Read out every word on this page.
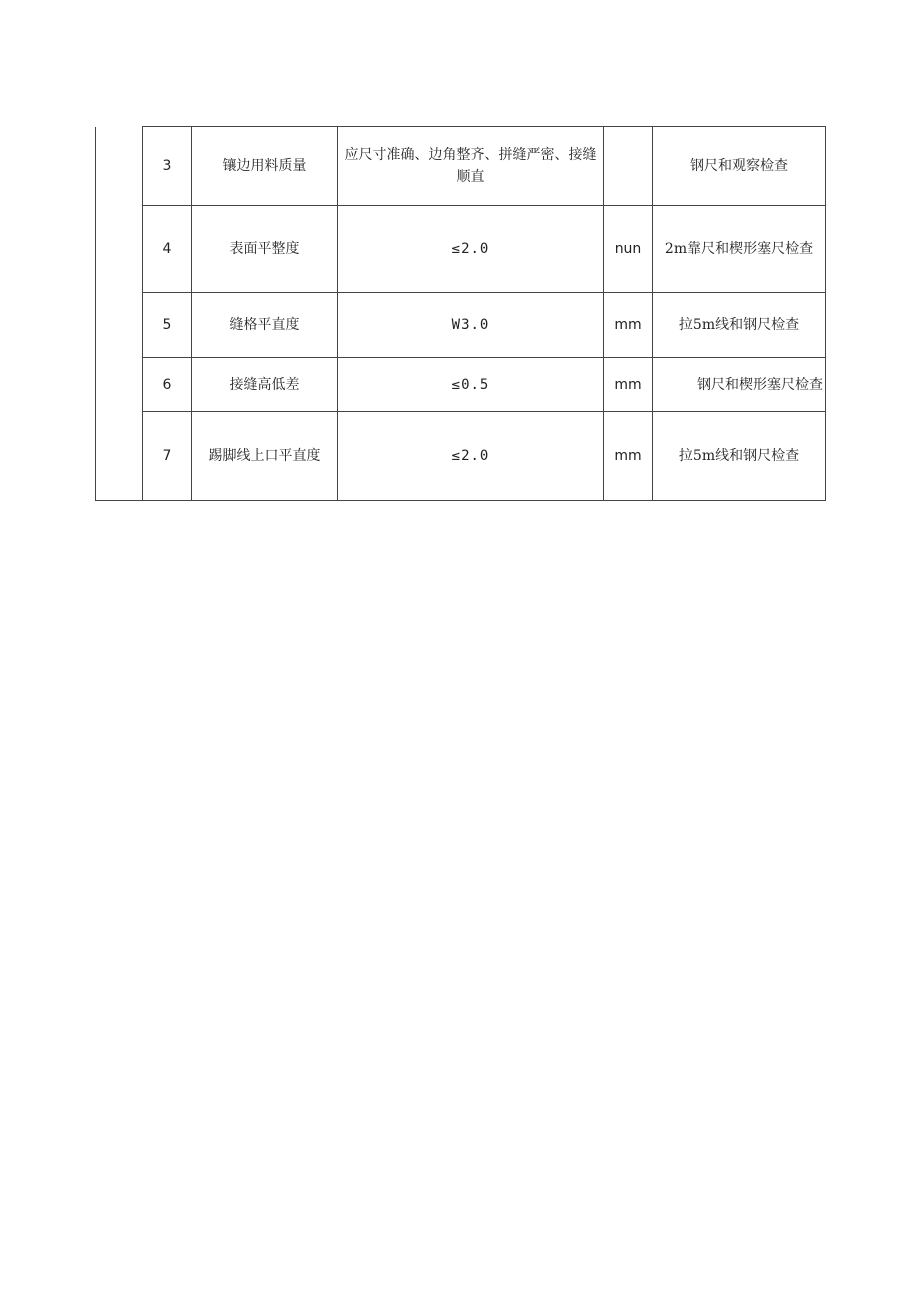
	3	镶边用料质量	应尺寸准确、边角整齐、拼缝严密、接缝顺直		钢尺和观察检查
	4	表面平整度	≤2.0	nun	2m靠尺和楔形塞尺检查
	5	缝格平直度	W3.0	mm	拉5m线和钢尺检查
	6	接缝高低差	≤0.5	mm	钢尺和楔形塞尺检查
	7	踢脚线上口平直度	≤2.0	mm	拉5m线和钢尺检查
